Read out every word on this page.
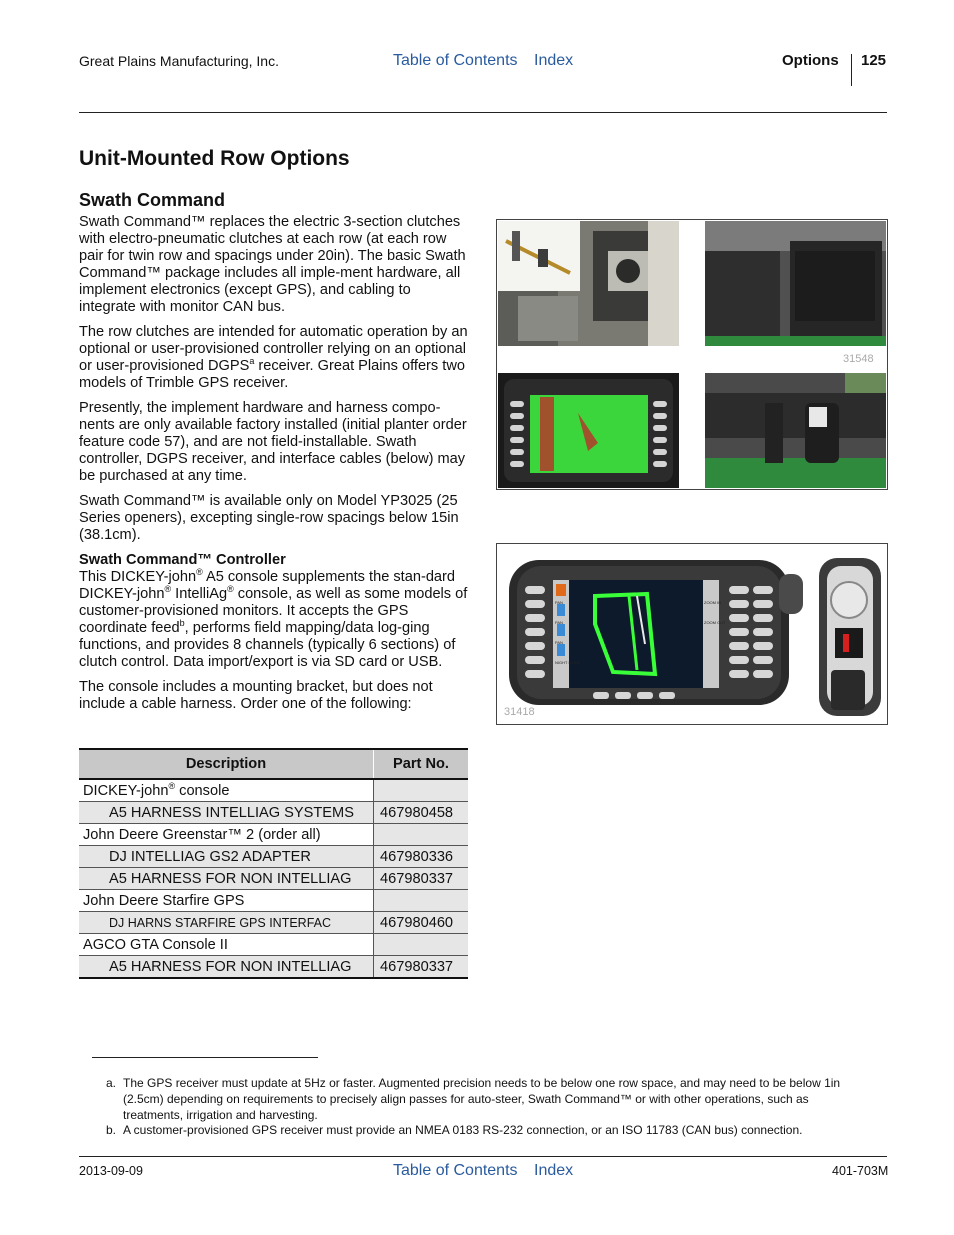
Great Plains Manufacturing, Inc.	Table of Contents Index	Options 125
Unit-Mounted Row Options
Swath Command

Swath Command™ replaces the electric 3-section clutches with electro-pneumatic clutches at each row (at each row pair for twin row and spacings under 20in). The basic Swath Command™ package includes all imple-ment hardware, all implement electronics (except GPS), and cabling to integrate with monitor CAN bus.

The row clutches are intended for automatic operation by an optional or user-provisioned controller relying on an optional or user-provisioned DGPS$^a$ receiver. Great Plains offers two models of Trimble GPS receiver.

Presently, the implement hardware and harness compo-nents are only available factory installed (initial planter order feature code 57), and are not field-installable. Swath controller, DGPS receiver, and interface cables (below) may be purchased at any time.

Swath Command™ is available only on Model YP3025 (25 Series openers), excepting single-row spacings below 15in (38.1cm).

Swath Command™ Controller

This DICKEY-john® A5 console supplements the stan-dard DICKEY-john® IntelliAg® console, as well as some models of customer-provisioned monitors. It accepts the GPS coordinate feed$^b$, performs field mapping/data log-ging functions, and provides 8 channels (typically 6 sections) of clutch control. Data import/export is via SD card or USB.

The console includes a mounting bracket, but does not include a cable harness. Order one of the following:

Description	Part No.
DICKEY-john® console	
A5 HARNESS INTELLIAG SYSTEMS	467980458
John Deere Greenstar™ 2 (order all)	
DJ INTELLIAG GS2 ADAPTER	467980336
A5 HARNESS FOR NON INTELLIAG	467980337
John Deere Starfire GPS	
DJ HARNS STARFIRE GPS INTERFAC	467980460
AGCO GTA Console II	
A5 HARNESS FOR NON INTELLIAG	467980337
31548
PAN
PAN
PAN
NIGHT MODE
ZOOM IN
ZOOM OUT
31418
a. The GPS receiver must update at 5Hz or faster. Augmented precision needs to be below one row space, and may need to be below 1in (2.5cm) depending on requirements to precisely align passes for auto-steer, Swath Command™ or with other operations, such as treatments, irrigation and harvesting.
b. A customer-provisioned GPS receiver must provide an NMEA 0183 RS-232 connection, or an ISO 11783 (CAN bus) connection.
2013-09-09	Table of Contents Index	401-703M
